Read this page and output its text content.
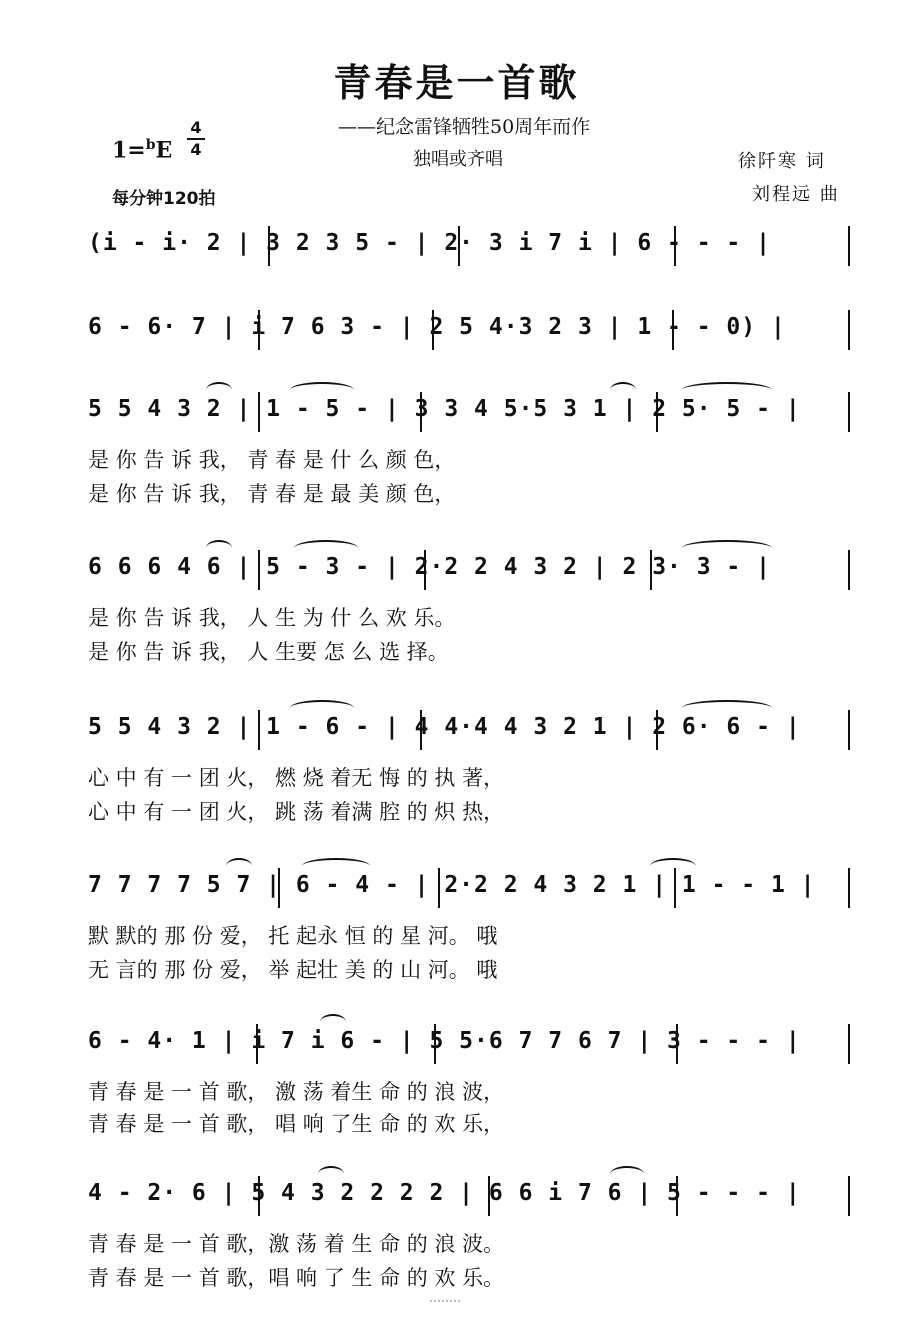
青春是一首歌
——纪念雷锋牺牲50周年而作
独唱或齐唱
1=$^b$E
4
4
每分钟120拍
徐阡寒 词
刘程远 曲
(i - i· 2 | 3 2 3 5 - | 2· 3 i 7 i | 6 - - - |
6 - 6· 7 | i 7 6 3 - | 2 5 4·3 2 3 | 1 - - 0) |
5 5 4 3 2 | 1 - 5 - | 3 3 4 5·5 3 1 | 2 5· 5 - |
是 你 告 诉 我， 青 春 是 什 么 颜 色，
是 你 告 诉 我， 青 春 是 最 美 颜 色，
6 6 6 4 6 | 5 - 3 - | 2·2 2 4 3 2 | 2 3· 3 - |
是 你 告 诉 我， 人 生 为 什 么 欢 乐。
是 你 告 诉 我， 人 生要 怎 么 选 择。
5 5 4 3 2 | 1 - 6 - | 4 4·4 4 3 2 1 | 2 6· 6 - |
心 中 有 一 团 火， 燃 烧 着无 悔 的 执 著，
心 中 有 一 团 火， 跳 荡 着满 腔 的 炽 热，
7 7 7 7 5 7 | 6 - 4 - | 2·2 2 4 3 2 1 | 1 - - 1 |
默 默的 那 份 爱， 托 起永 恒 的 星 河。 哦
无 言的 那 份 爱， 举 起壮 美 的 山 河。 哦
6 - 4· 1 | i 7 i 6 - | 5 5·6 7 7 6 7 | 3 - - - |
青 春 是 一 首 歌， 激 荡 着生 命 的 浪 波，
青 春 是 一 首 歌， 唱 响 了生 命 的 欢 乐，
4 - 2· 6 | 5 4 3 2 2 2 2 | 6 6 i 7 6 | 5 - - - |
青 春 是 一 首 歌，激 荡 着 生 命 的 浪 波。
青 春 是 一 首 歌，唱 响 了 生 命 的 欢 乐。
